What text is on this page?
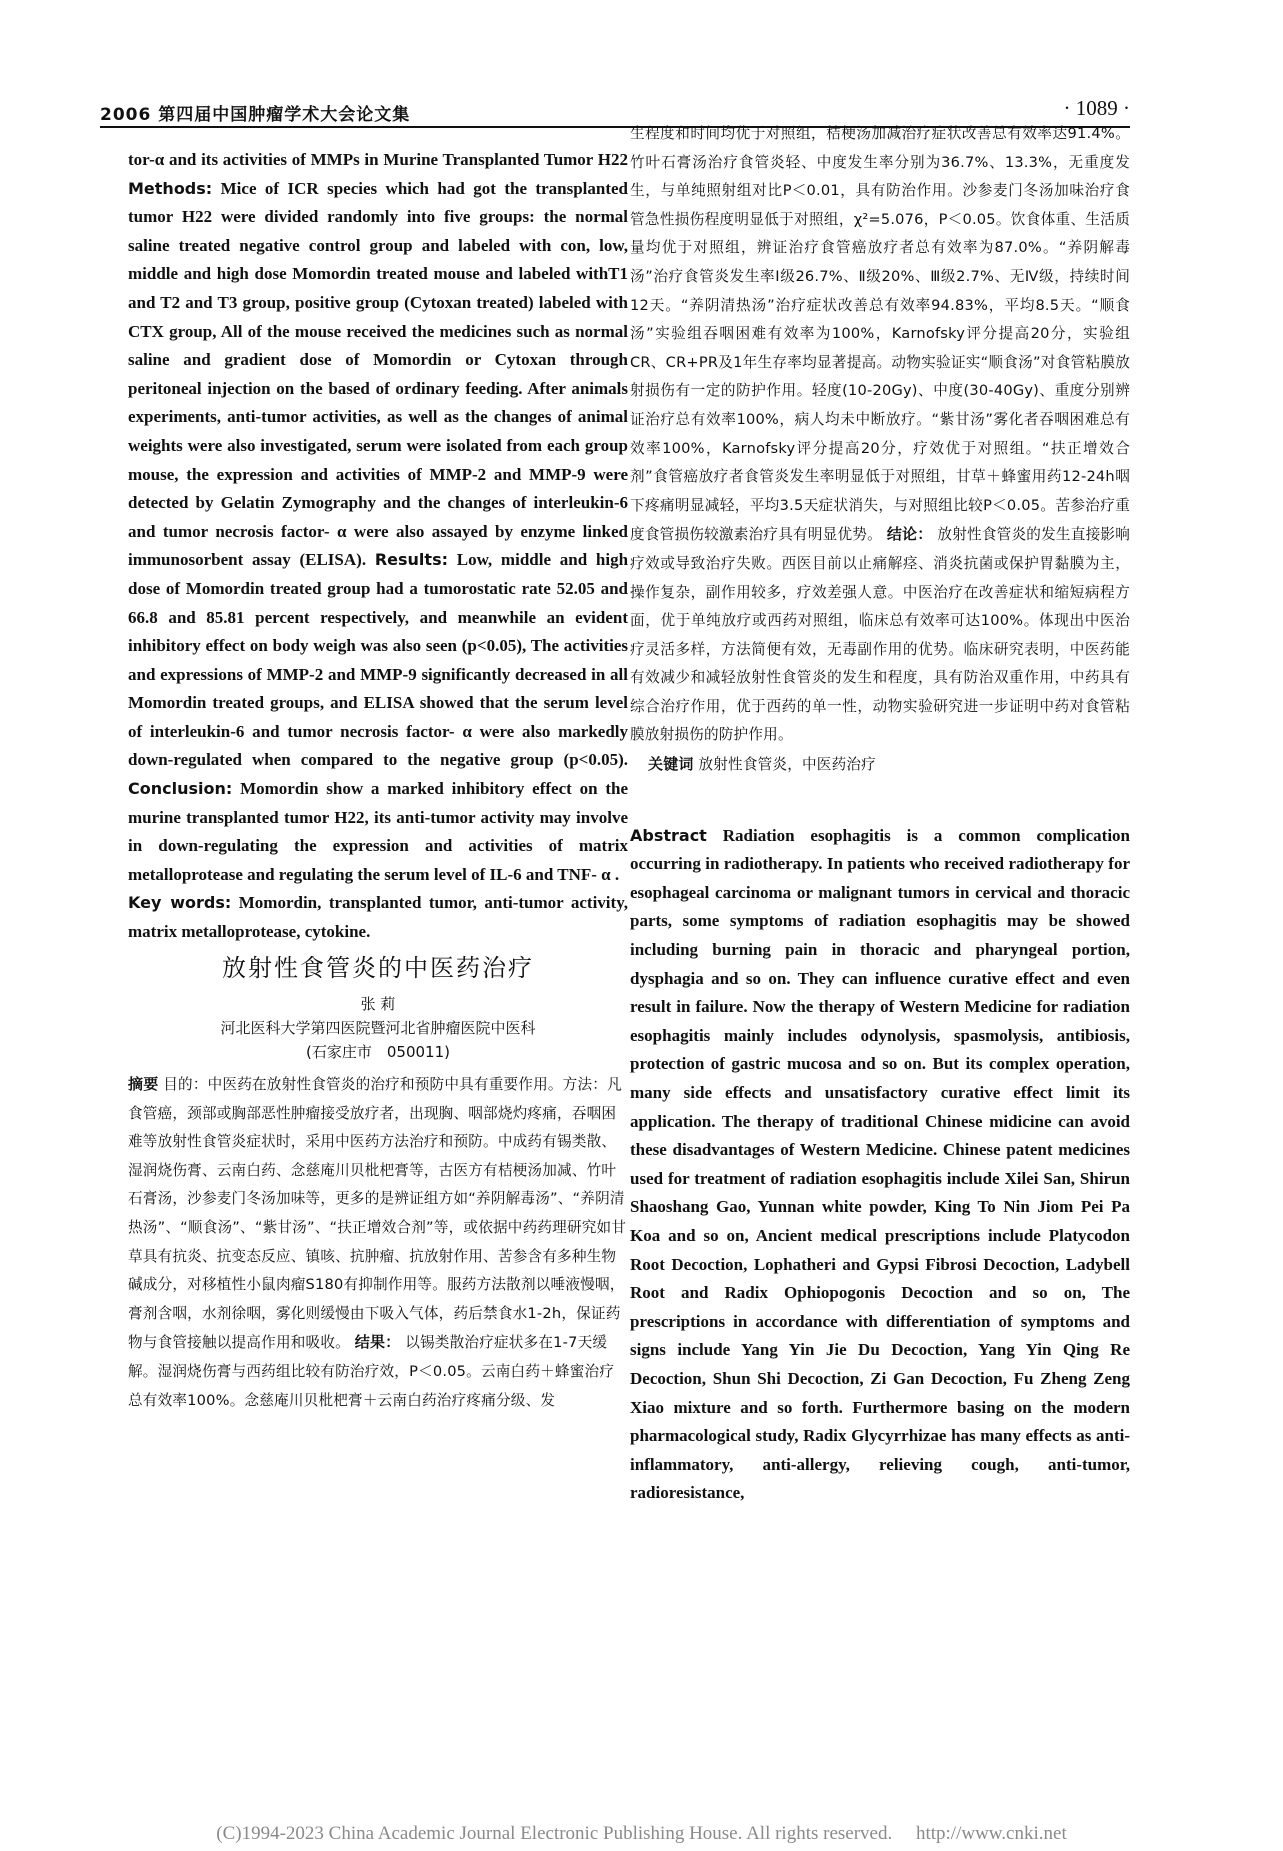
2006 第四届中国肿瘤学术大会论文集	· 1089 ·

tor-α and its activities of MMPs in Murine Transplanted Tumor H22 Methods: Mice of ICR species which had got the transplanted tumor H22 were divided randomly into five groups: the normal saline treated negative control group and labeled with con, low, middle and high dose Momordin treated mouse and labeled withT1 and T2 and T3 group, positive group (Cytoxan treated) labeled with CTX group, All of the mouse received the medicines such as normal saline and gradient dose of Momordin or Cytoxan through peritoneal injection on the based of ordinary feeding. After animals experiments, anti-tumor activities, as well as the changes of animal weights were also investigated, serum were isolated from each group mouse, the expression and activities of MMP-2 and MMP-9 were detected by Gelatin Zymography and the changes of interleukin-6 and tumor necrosis factor- α were also assayed by enzyme linked immunosorbent assay (ELISA). Results: Low, middle and high dose of Momordin treated group had a tumorostatic rate 52.05 and 66.8 and 85.81 percent respectively, and meanwhile an evident inhibitory effect on body weigh was also seen (p<0.05), The activities and expressions of MMP-2 and MMP-9 significantly decreased in all Momordin treated groups, and ELISA showed that the serum level of interleukin-6 and tumor necrosis factor- α were also markedly down-regulated when compared to the negative group (p<0.05). Conclusion: Momordin show a marked inhibitory effect on the murine transplanted tumor H22, its anti-tumor activity may involve in down-regulating the expression and activities of matrix metalloprotease and regulating the serum level of IL-6 and TNF- α .

Key words: Momordin, transplanted tumor, anti-tumor activity, matrix metalloprotease, cytokine.

放射性食管炎的中医药治疗
张 莉
河北医科大学第四医院暨河北省肿瘤医院中医科
(石家庄市　050011)

摘要 目的：中医药在放射性食管炎的治疗和预防中具有重要作用。方法：凡食管癌，颈部或胸部恶性肿瘤接受放疗者，出现胸、咽部烧灼疼痛，吞咽困难等放射性食管炎症状时，采用中医药方法治疗和预防。中成药有锡类散、湿润烧伤膏、云南白药、念慈庵川贝枇杷膏等，古医方有桔梗汤加减、竹叶石膏汤，沙参麦门冬汤加味等，更多的是辨证组方如“养阴解毒汤”、“养阴清热汤”、“顺食汤”、“紫甘汤”、“扶正增效合剂”等，或依据中药药理研究如甘草具有抗炎、抗变态反应、镇咳、抗肿瘤、抗放射作用、苦参含有多种生物碱成分，对移植性小鼠肉瘤S180有抑制作用等。服药方法散剂以唾液慢咽，膏剂含咽，水剂徐咽，雾化则缓慢由下吸入气体，药后禁食水1-2h，保证药物与食管接触以提高作用和吸收。 结果： 以锡类散治疗症状多在1-7天缓解。湿润烧伤膏与西药组比较有防治疗效，P＜0.05。云南白药＋蜂蜜治疗总有效率100%。念慈庵川贝枇杷膏＋云南白药治疗疼痛分级、发

生程度和时间均优于对照组，桔梗汤加减治疗症状改善总有效率达91.4%。竹叶石膏汤治疗食管炎轻、中度发生率分别为36.7%、13.3%，无重度发生，与单纯照射组对比P＜0.01，具有防治作用。沙参麦门冬汤加味治疗食管急性损伤程度明显低于对照组，χ²=5.076，P＜0.05。饮食体重、生活质量均优于对照组，辨证治疗食管癌放疗者总有效率为87.0%。“养阴解毒汤”治疗食管炎发生率Ⅰ级26.7%、Ⅱ级20%、Ⅲ级2.7%、无Ⅳ级，持续时间12天。“养阴清热汤”治疗症状改善总有效率94.83%，平均8.5天。“顺食汤”实验组吞咽困难有效率为100%，Karnofsky评分提高20分，实验组CR、CR+PR及1年生存率均显著提高。动物实验证实“顺食汤”对食管粘膜放射损伤有一定的防护作用。轻度(10-20Gy)、中度(30-40Gy)、重度分别辨证治疗总有效率100%，病人均未中断放疗。“紫甘汤”雾化者吞咽困难总有效率100%，Karnofsky评分提高20分，疗效优于对照组。“扶正增效合剂”食管癌放疗者食管炎发生率明显低于对照组，甘草＋蜂蜜用药12-24h咽下疼痛明显减轻，平均3.5天症状消失，与对照组比较P＜0.05。苦参治疗重度食管损伤较激素治疗具有明显优势。 结论： 放射性食管炎的发生直接影响疗效或导致治疗失败。西医目前以止痛解痉、消炎抗菌或保护胃黏膜为主，操作复杂，副作用较多，疗效差强人意。中医治疗在改善症状和缩短病程方面，优于单纯放疗或西药对照组，临床总有效率可达100%。体现出中医治疗灵活多样，方法简便有效，无毒副作用的优势。临床研究表明，中医药能有效减少和减轻放射性食管炎的发生和程度，具有防治双重作用，中药具有综合治疗作用，优于西药的单一性，动物实验研究进一步证明中药对食管粘膜放射损伤的防护作用。

关键词 放射性食管炎，中医药治疗

Abstract Radiation esophagitis is a common complication occurring in radiotherapy. In patients who received radiotherapy for esophageal carcinoma or malignant tumors in cervical and thoracic parts, some symptoms of radiation esophagitis may be showed including burning pain in thoracic and pharyngeal portion, dysphagia and so on. They can influence curative effect and even result in failure. Now the therapy of Western Medicine for radiation esophagitis mainly includes odynolysis, spasmolysis, antibiosis, protection of gastric mucosa and so on. But its complex operation, many side effects and unsatisfactory curative effect limit its application. The therapy of traditional Chinese midicine can avoid these disadvantages of Western Medicine. Chinese patent medicines used for treatment of radiation esophagitis include Xilei San, Shirun Shaoshang Gao, Yunnan white powder, King To Nin Jiom Pei Pa Koa and so on, Ancient medical prescriptions include Platycodon Root Decoction, Lophatheri and Gypsi Fibrosi Decoction, Ladybell Root and Radix Ophiopogonis Decoction and so on, The prescriptions in accordance with differentiation of symptoms and signs include Yang Yin Jie Du Decoction, Yang Yin Qing Re Decoction, Shun Shi Decoction, Zi Gan Decoction, Fu Zheng Zeng Xiao mixture and so forth. Furthermore basing on the modern pharmacological study, Radix Glycyrrhizae has many effects as anti-inflammatory, anti-allergy, relieving cough, anti-tumor, radioresistance,

(C)1994-2023 China Academic Journal Electronic Publishing House. All rights reserved.　 http://www.cnki.net
